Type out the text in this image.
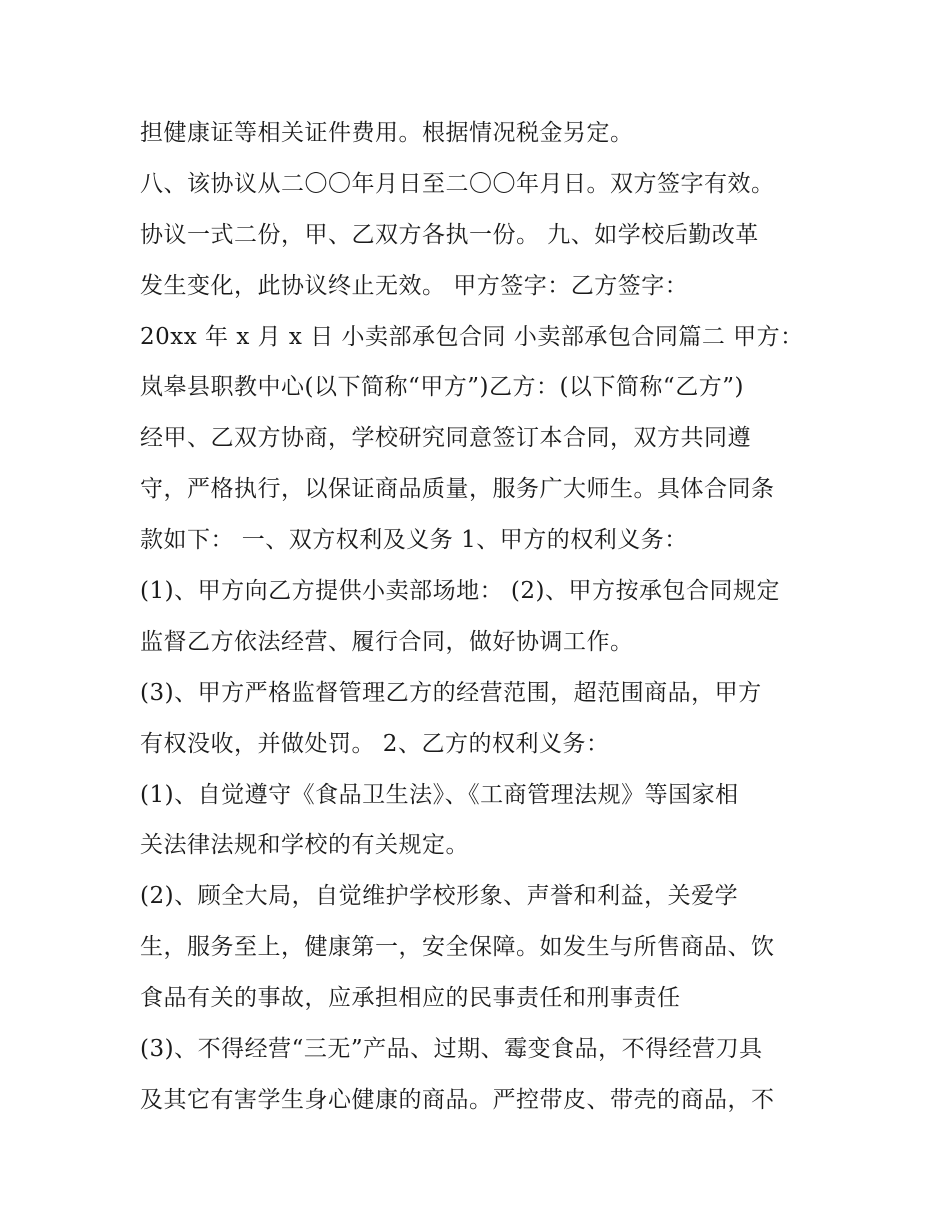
担健康证等相关证件费用。根据情况税金另定。
八、该协议从二〇〇年月日至二〇〇年月日。双方签字有效。
协议一式二份，甲、乙双方各执一份。 九、如学校后勤改革
发生变化，此协议终止无效。 甲方签字：乙方签字：
20xx 年 x 月 x 日 小卖部承包合同 小卖部承包合同篇二 甲方：
岚皋县职教中心(以下简称“甲方”)乙方：(以下简称“乙方”)
经甲、乙双方协商，学校研究同意签订本合同，双方共同遵
守，严格执行，以保证商品质量，服务广大师生。具体合同条
款如下： 一、双方权利及义务 1、甲方的权利义务：
(1)、甲方向乙方提供小卖部场地： (2)、甲方按承包合同规定
监督乙方依法经营、履行合同，做好协调工作。
(3)、甲方严格监督管理乙方的经营范围，超范围商品，甲方
有权没收，并做处罚。 2、乙方的权利义务：
(1)、自觉遵守《食品卫生法》、《工商管理法规》等国家相
关法律法规和学校的有关规定。
(2)、顾全大局，自觉维护学校形象、声誉和利益，关爱学
生，服务至上，健康第一，安全保障。如发生与所售商品、饮
食品有关的事故，应承担相应的民事责任和刑事责任
(3)、不得经营“三无”产品、过期、霉变食品，不得经营刀具
及其它有害学生身心健康的商品。严控带皮、带壳的商品，不
